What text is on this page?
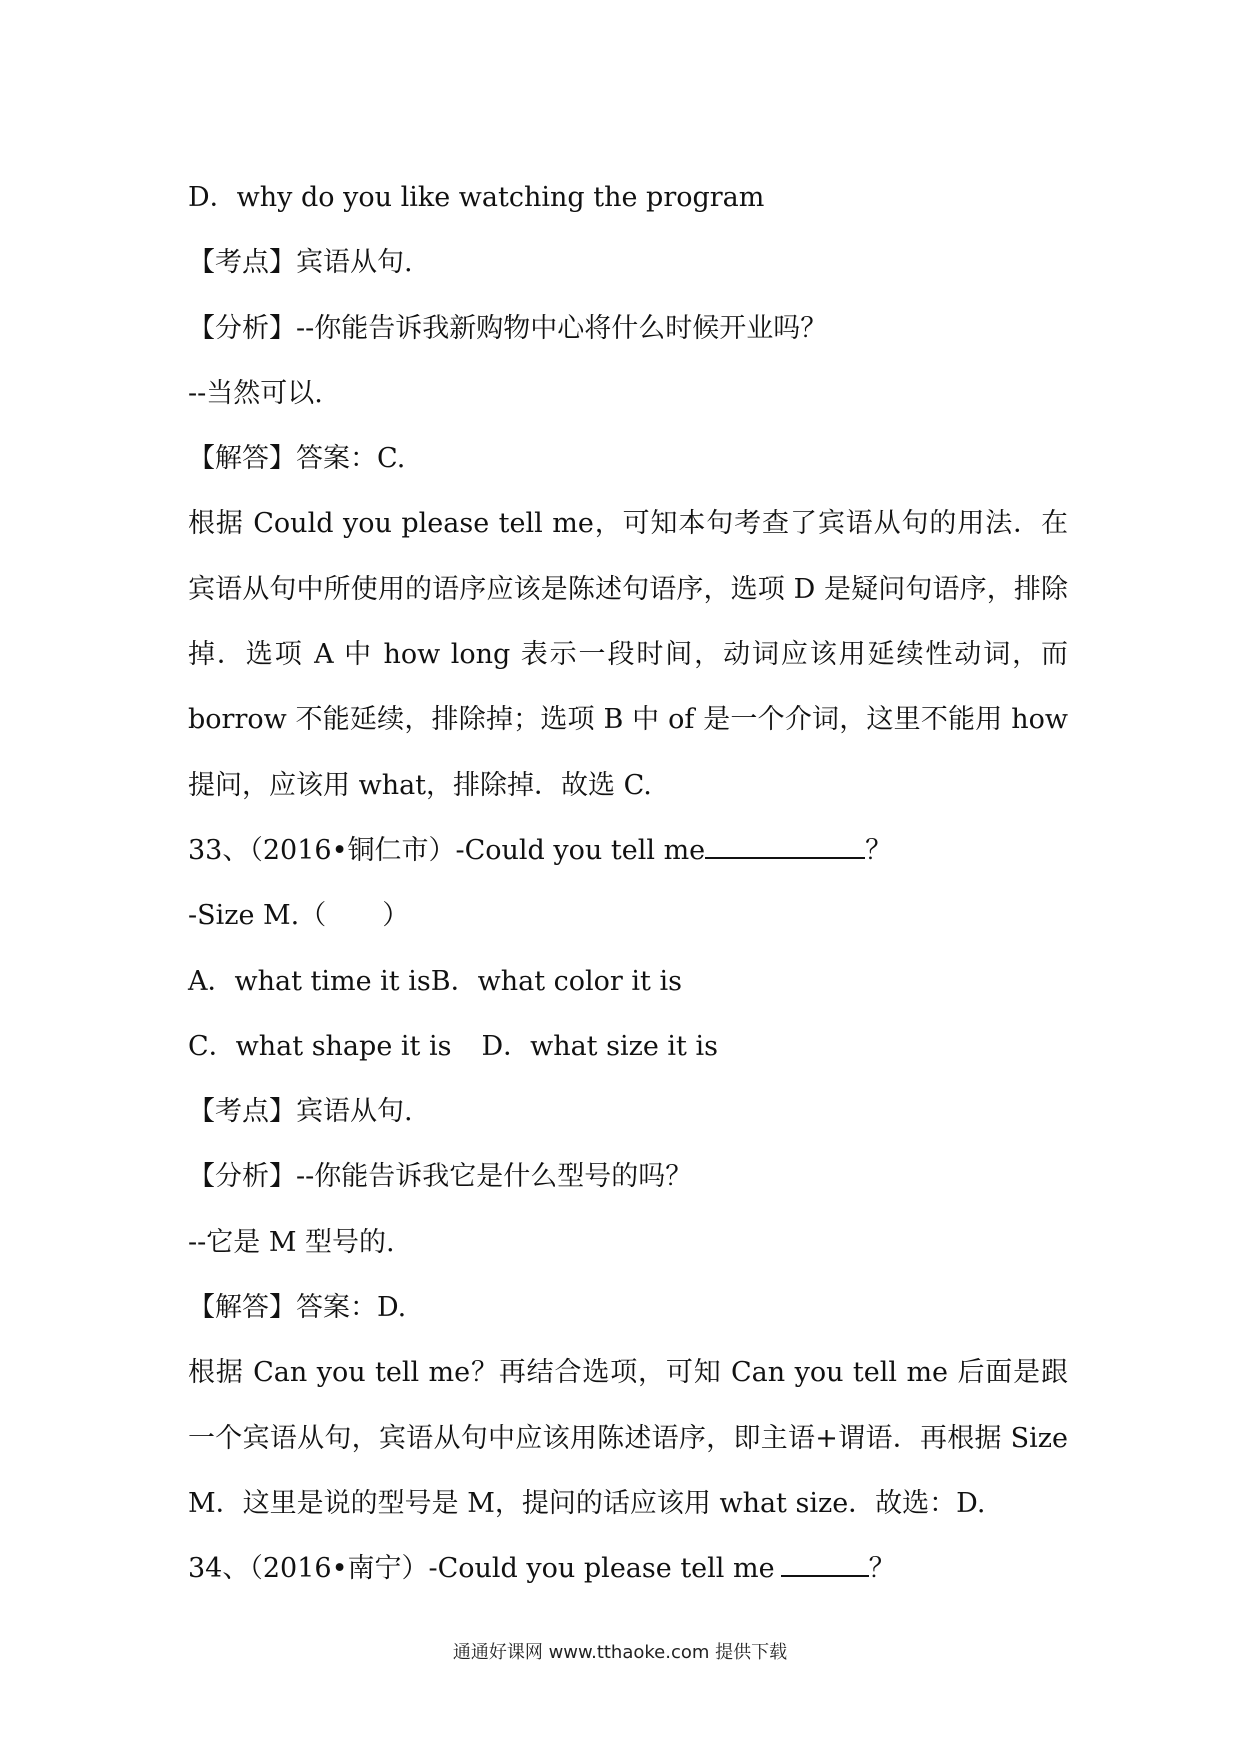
D．why do you like watching the program
【考点】宾语从句.
【分析】--你能告诉我新购物中心将什么时候开业吗？
--当然可以.
【解答】答案：C.
根据 Could you please tell me，可知本句考查了宾语从句的用法．在宾语从句中所使用的语序应该是陈述句语序，选项 D 是疑问句语序，排除掉．选项 A 中 how long 表示一段时间，动词应该用延续性动词，而 borrow 不能延续，排除掉；选项 B 中 of 是一个介词，这里不能用 how 提问，应该用 what，排除掉．故选 C.
33、（2016•铜仁市）-Could you tell me	？
-Size M.（ ）
A．what time it isB．what color it is
C．what shape it is D．what size it is
【考点】宾语从句.
【分析】--你能告诉我它是什么型号的吗？
--它是 M 型号的.
【解答】答案：D.
根据 Can you tell me？再结合选项，可知 Can you tell me 后面是跟一个宾语从句，宾语从句中应该用陈述语序，即主语+谓语．再根据 Size M．这里是说的型号是 M，提问的话应该用 what size．故选：D.
34、（2016•南宁）-Could you please tell me	？
通通好课网 www.tthaoke.com 提供下载
